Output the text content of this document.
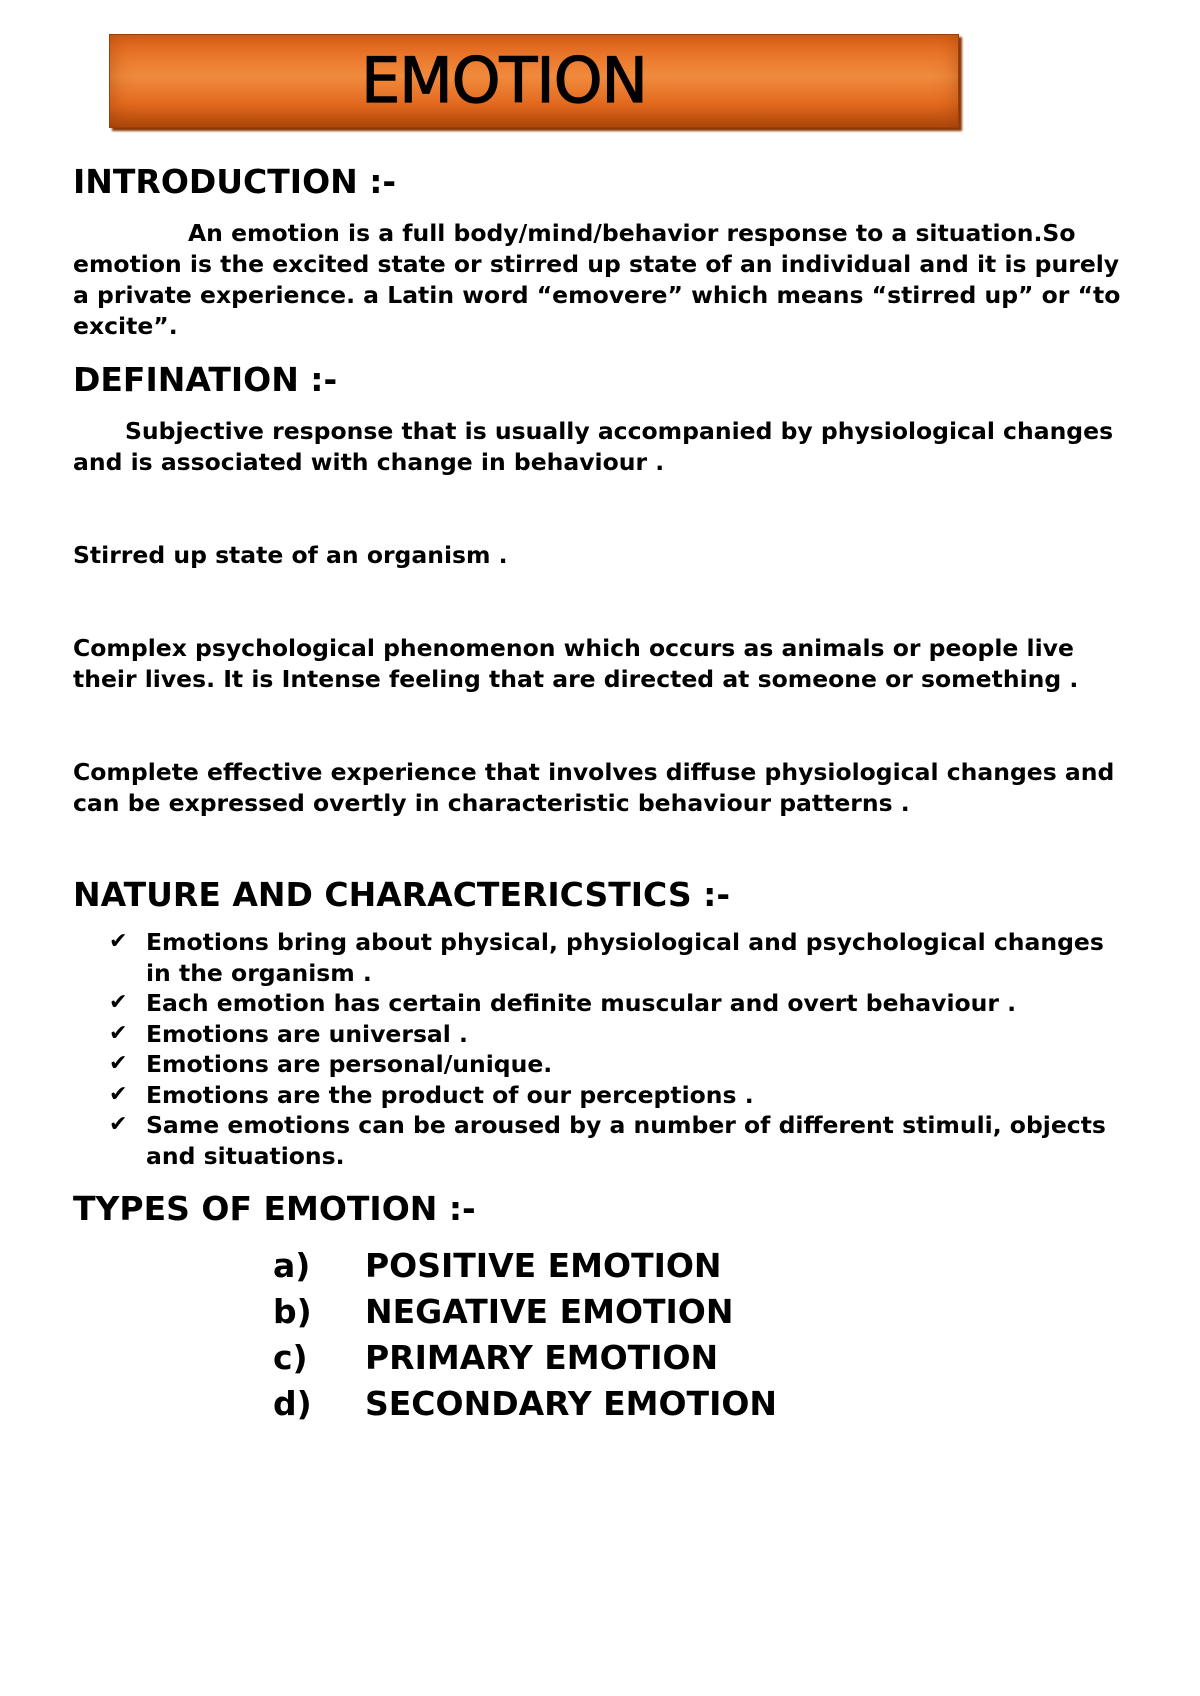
EMOTION
INTRODUCTION :-

An emotion is a full body/mind/behavior response to a situation.So emotion is the excited state or stirred up state of an individual and it is purely a private experience. a Latin word “emovere” which means “stirred up” or “to excite”.

DEFINATION :-

Subjective response that is usually accompanied by physiological changes and is associated with change in behaviour .

Stirred up state of an organism .

Complex psychological phenomenon which occurs as animals or people live their lives. It is Intense feeling that are directed at someone or something .

Complete effective experience that involves diffuse physiological changes and can be expressed overtly in characteristic behaviour patterns .

NATURE AND CHARACTERICSTICS :-
✔ Emotions bring about physical, physiological and psychological changes in the organism .
✔ Each emotion has certain definite muscular and overt behaviour .
✔ Emotions are universal .
✔ Emotions are personal/unique.
✔ Emotions are the product of our perceptions .
✔ Same emotions can be aroused by a number of different stimuli, objects and situations.
TYPES OF EMOTION :-
a) POSITIVE EMOTION
b) NEGATIVE EMOTION
c) PRIMARY EMOTION
d) SECONDARY EMOTION
